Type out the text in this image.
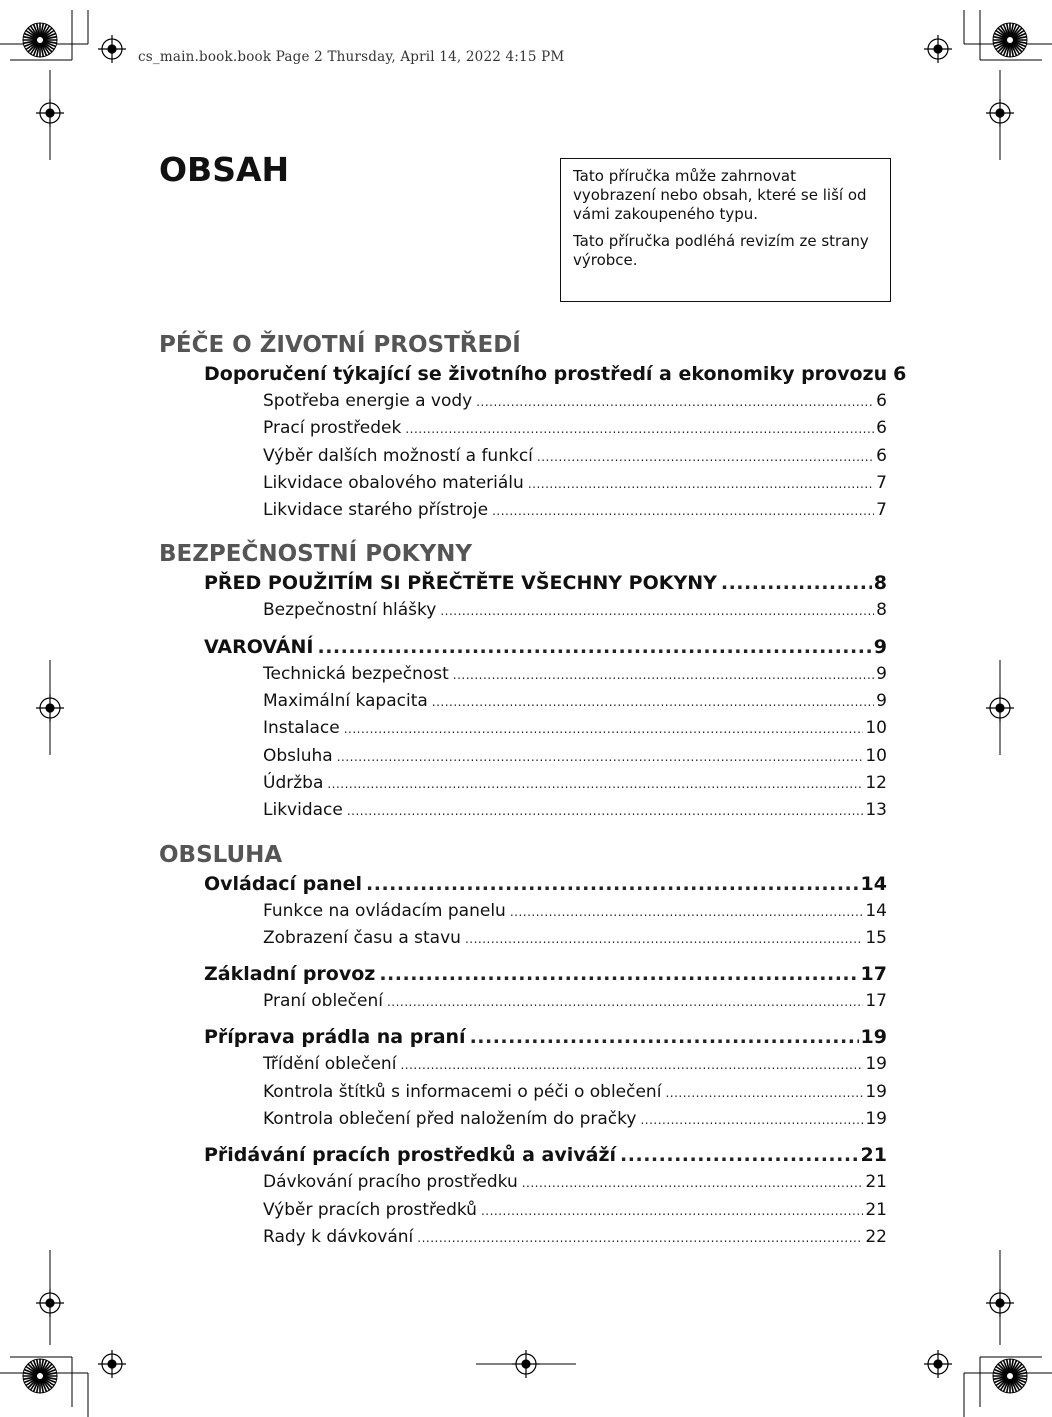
cs_main.book.book Page 2 Thursday, April 14, 2022 4:15 PM
OBSAH	Tato příručka může zahrnovat vyobrazení nebo obsah, které se liší od vámi zakoupeného typu.

Tato příručka podléhá revizím ze strany výrobce.

PÉČE O ŽIVOTNÍ PROSTŘEDÍ
Doporučení týkající se životního prostředí a ekonomiky provozu 6
Spotřeba energie a vody .....	6
Prací prostředek .....	6
Výběr dalších možností a funkcí .....	6
Likvidace obalového materiálu .....	7
Likvidace starého přístroje .....	7
BEZPEČNOSTNÍ POKYNY
PŘED POUŽITÍM SI PŘEČTĚTE VŠECHNY POKYNY .....	8
Bezpečnostní hlášky .....	8
VAROVÁNÍ .....	9
Technická bezpečnost .....	9
Maximální kapacita .....	9
Instalace .....	10
Obsluha .....	10
Údržba .....	12
Likvidace .....	13
OBSLUHA
Ovládací panel .....	14
Funkce na ovládacím panelu .....	14
Zobrazení času a stavu .....	15
Základní provoz .....	17
Praní oblečení .....	17
Příprava prádla na praní .....	19
Třídění oblečení .....	19
Kontrola štítků s informacemi o péči o oblečení .....	19
Kontrola oblečení před naložením do pračky .....	19
Přidávání pracích prostředků a aviváží .....	21
Dávkování pracího prostředku .....	21
Výběr pracích prostředků .....	21
Rady k dávkování .....	22
